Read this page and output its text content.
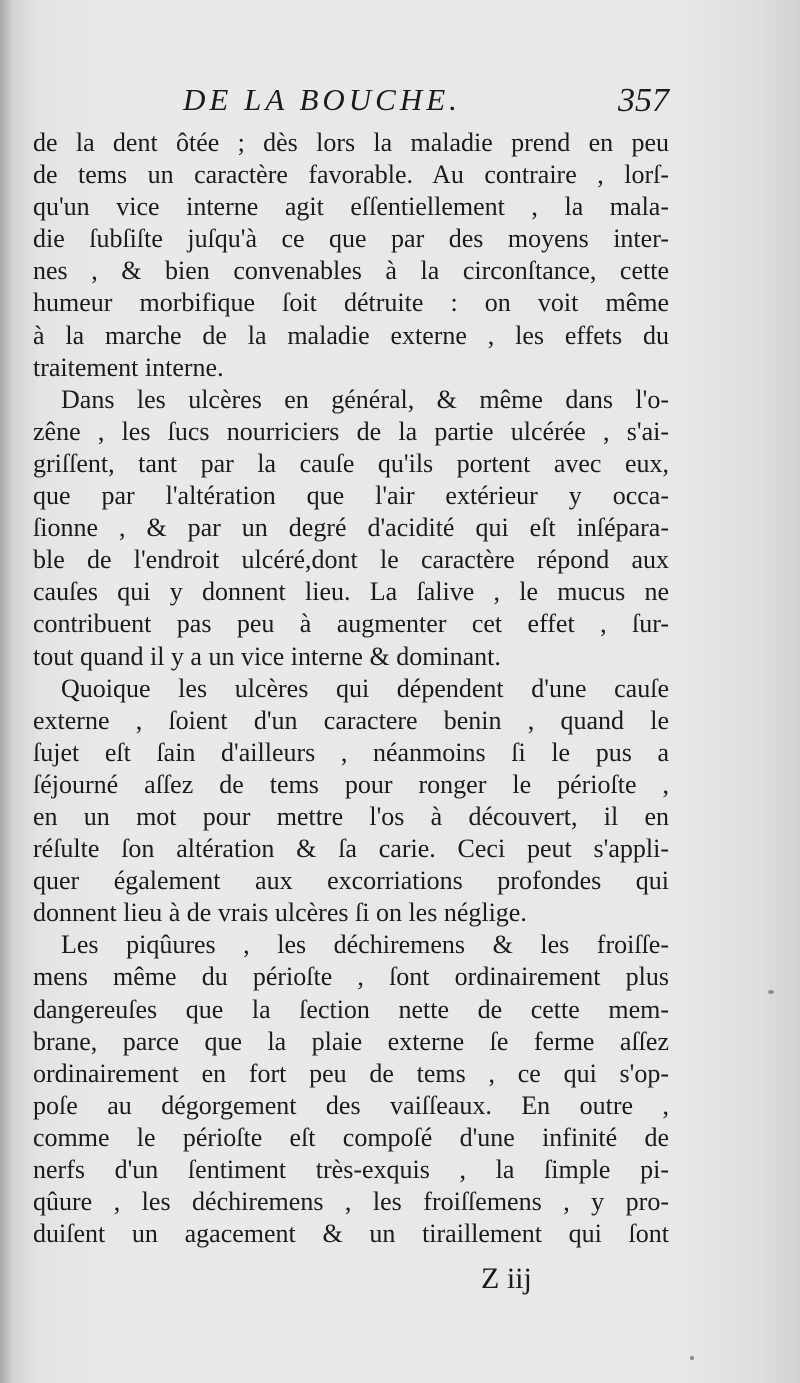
DE LA BOUCHE.	357
de la dent ôtée ; dès lors la maladie prend en peu
de tems un caractère favorable. Au contraire , lorſ-
qu'un vice interne agit eſſentiellement , la mala-
die ſubſiſte juſqu'à ce que par des moyens inter-
nes , & bien convenables à la circonſtance, cette
humeur morbifique ſoit détruite : on voit même
à la marche de la maladie externe , les effets du
traitement interne.
Dans les ulcères en général, & même dans l'o-
zêne , les ſucs nourriciers de la partie ulcérée , s'ai-
griſſent, tant par la cauſe qu'ils portent avec eux,
que par l'altération que l'air extérieur y occa-
ſionne , & par un degré d'acidité qui eſt inſépara-
ble de l'endroit ulcéré,dont le caractère répond aux
cauſes qui y donnent lieu. La ſalive , le mucus ne
contribuent pas peu à augmenter cet effet , ſur-
tout quand il y a un vice interne & dominant.
Quoique les ulcères qui dépendent d'une cauſe
externe , ſoient d'un caractere benin , quand le
ſujet eſt ſain d'ailleurs , néanmoins ſi le pus a
ſéjourné aſſez de tems pour ronger le périoſte ,
en un mot pour mettre l'os à découvert, il en
réſulte ſon altération & ſa carie. Ceci peut s'appli-
quer également aux excorriations profondes qui
donnent lieu à de vrais ulcères ſi on les néglige.
Les piqûures , les déchiremens & les froiſſe-
mens même du périoſte , ſont ordinairement plus
dangereuſes que la ſection nette de cette mem-
brane, parce que la plaie externe ſe ferme aſſez
ordinairement en fort peu de tems , ce qui s'op-
poſe au dégorgement des vaiſſeaux. En outre ,
comme le périoſte eſt compoſé d'une infinité de
nerfs d'un ſentiment très-exquis , la ſimple pi-
qûure , les déchiremens , les froiſſemens , y pro-
duiſent un agacement & un tiraillement qui ſont
Z iij
